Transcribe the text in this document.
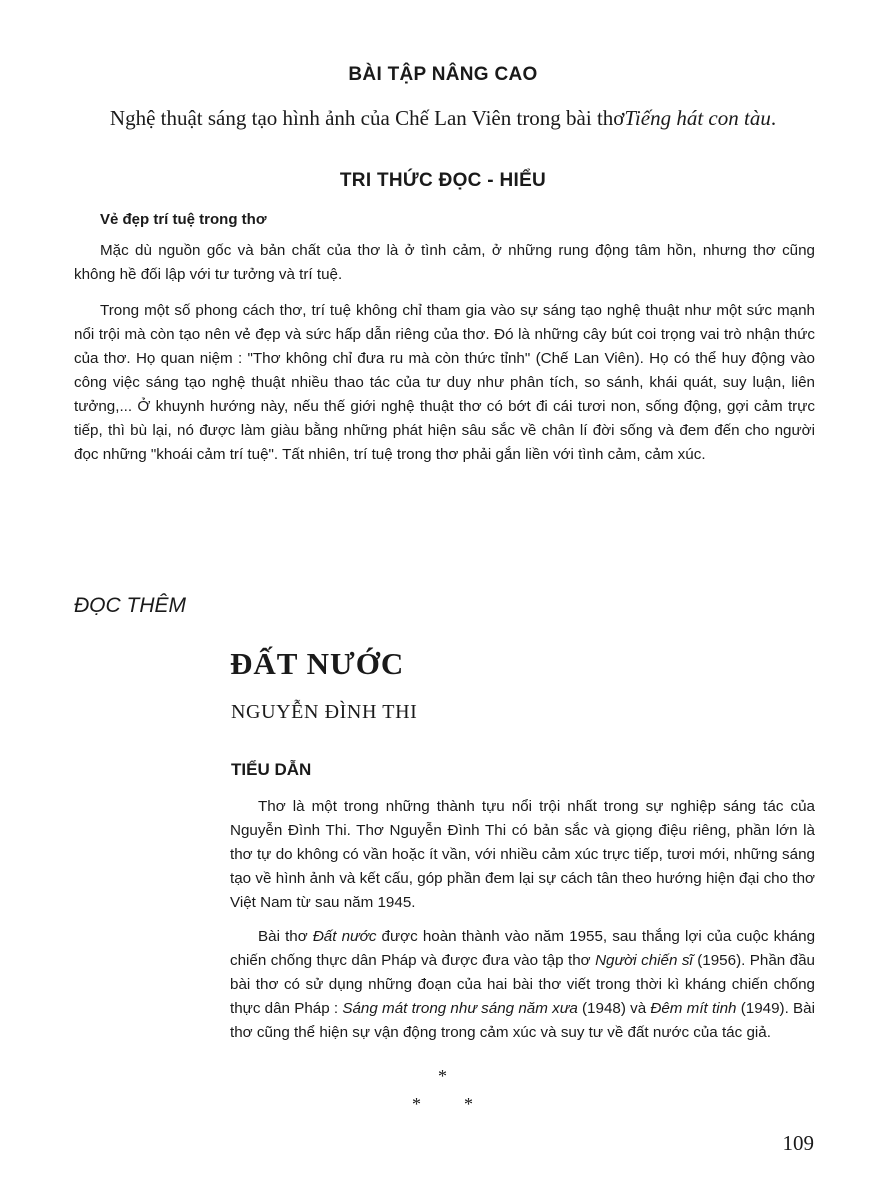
BÀI TẬP NÂNG CAO
Nghệ thuật sáng tạo hình ảnh của Chế Lan Viên trong bài thơTiếng hát con tàu.
TRI THỨC ĐỌC - HIỂU
Vẻ đẹp trí tuệ trong thơ

Mặc dù nguồn gốc và bản chất của thơ là ở tình cảm, ở những rung động tâm hồn, nhưng thơ cũng không hề đối lập với tư tưởng và trí tuệ.

Trong một số phong cách thơ, trí tuệ không chỉ tham gia vào sự sáng tạo nghệ thuật như một sức mạnh nổi trội mà còn tạo nên vẻ đẹp và sức hấp dẫn riêng của thơ. Đó là những cây bút coi trọng vai trò nhận thức của thơ. Họ quan niệm : "Thơ không chỉ đưa ru mà còn thức tỉnh" (Chế Lan Viên). Họ có thể huy động vào công việc sáng tạo nghệ thuật nhiều thao tác của tư duy như phân tích, so sánh, khái quát, suy luận, liên tưởng,... Ở khuynh hướng này, nếu thế giới nghệ thuật thơ có bớt đi cái tươi non, sống động, gợi cảm trực tiếp, thì bù lại, nó được làm giàu bằng những phát hiện sâu sắc về chân lí đời sống và đem đến cho người đọc những "khoái cảm trí tuệ". Tất nhiên, trí tuệ trong thơ phải gắn liền với tình cảm, cảm xúc.

ĐỌC THÊM
ĐẤT NƯỚC
NGUYỄN ĐÌNH THI
TIỂU DẪN

Thơ là một trong những thành tựu nổi trội nhất trong sự nghiệp sáng tác của Nguyễn Đình Thi. Thơ Nguyễn Đình Thi có bản sắc và giọng điệu riêng, phần lớn là thơ tự do không có vần hoặc ít vần, với nhiều cảm xúc trực tiếp, tươi mới, những sáng tạo về hình ảnh và kết cấu, góp phần đem lại sự cách tân theo hướng hiện đại cho thơ Việt Nam từ sau năm 1945.

Bài thơ Đất nước được hoàn thành vào năm 1955, sau thắng lợi của cuộc kháng chiến chống thực dân Pháp và được đưa vào tập thơ Người chiến sĩ (1956). Phần đầu bài thơ có sử dụng những đoạn của hai bài thơ viết trong thời kì kháng chiến chống thực dân Pháp : Sáng mát trong như sáng năm xưa (1948) và Đêm mít tinh (1949). Bài thơ cũng thể hiện sự vận động trong cảm xúc và suy tư về đất nước của tác giả.

*
* *
109
